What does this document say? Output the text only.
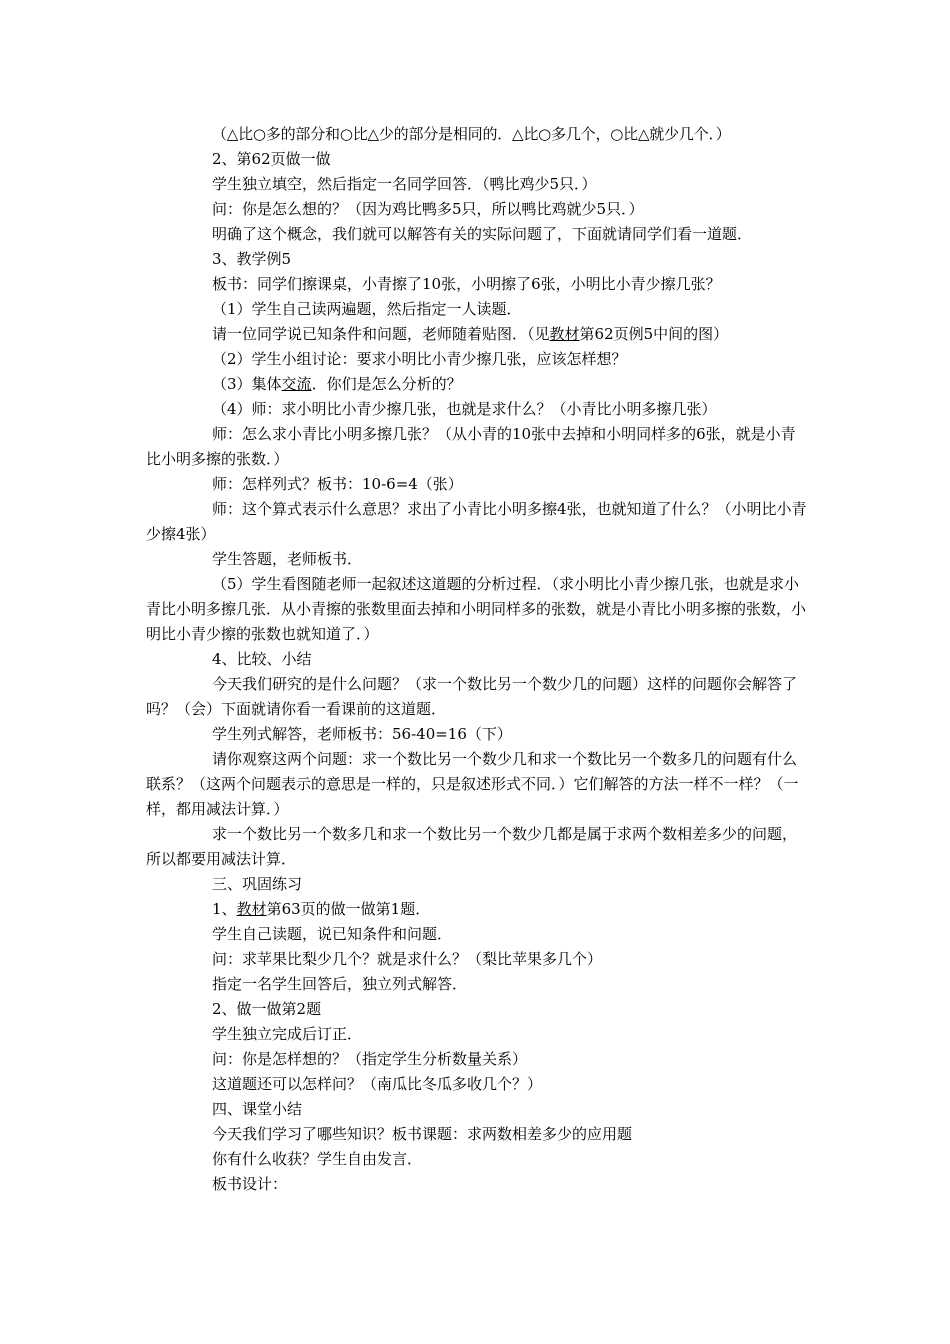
（△比○多的部分和○比△少的部分是相同的．△比○多几个，○比△就少几个．）

2、第62页做一做

学生独立填空，然后指定一名同学回答．（鸭比鸡少5只．）

问：你是怎么想的？（因为鸡比鸭多5只，所以鸭比鸡就少5只．）

明确了这个概念，我们就可以解答有关的实际问题了，下面就请同学们看一道题．

3、教学例5

板书：同学们擦课桌，小青擦了10张，小明擦了6张，小明比小青少擦几张？

（1）学生自己读两遍题，然后指定一人读题．

请一位同学说已知条件和问题，老师随着贴图．（见教材第62页例5中间的图）

（2）学生小组讨论：要求小明比小青少擦几张，应该怎样想？

（3）集体交流．你们是怎么分析的？

（4）师：求小明比小青少擦几张，也就是求什么？（小青比小明多擦几张）

师：怎么求小青比小明多擦几张？（从小青的10张中去掉和小明同样多的6张，就是小青比小明多擦的张数．）

师：怎样列式？板书：10-6=4（张）

师：这个算式表示什么意思？求出了小青比小明多擦4张，也就知道了什么？（小明比小青少擦4张）

学生答题，老师板书．

（5）学生看图随老师一起叙述这道题的分析过程．（求小明比小青少擦几张，也就是求小青比小明多擦几张．从小青擦的张数里面去掉和小明同样多的张数，就是小青比小明多擦的张数，小明比小青少擦的张数也就知道了．）

4、比较、小结

今天我们研究的是什么问题？（求一个数比另一个数少几的问题）这样的问题你会解答了吗？（会）下面就请你看一看课前的这道题．

学生列式解答，老师板书：56-40=16（下）

请你观察这两个问题：求一个数比另一个数少几和求一个数比另一个数多几的问题有什么联系？（这两个问题表示的意思是一样的，只是叙述形式不同．）它们解答的方法一样不一样？（一样，都用减法计算．）

求一个数比另一个数多几和求一个数比另一个数少几都是属于求两个数相差多少的问题，所以都要用减法计算．

三、巩固练习

1、教材第63页的做一做第1题．

学生自己读题，说已知条件和问题．

问：求苹果比梨少几个？就是求什么？（梨比苹果多几个）

指定一名学生回答后，独立列式解答．

2、做一做第2题

学生独立完成后订正．

问：你是怎样想的？（指定学生分析数量关系）

这道题还可以怎样问？（南瓜比冬瓜多收几个？）

四、课堂小结

今天我们学习了哪些知识？板书课题：求两数相差多少的应用题

你有什么收获？学生自由发言．

板书设计：
